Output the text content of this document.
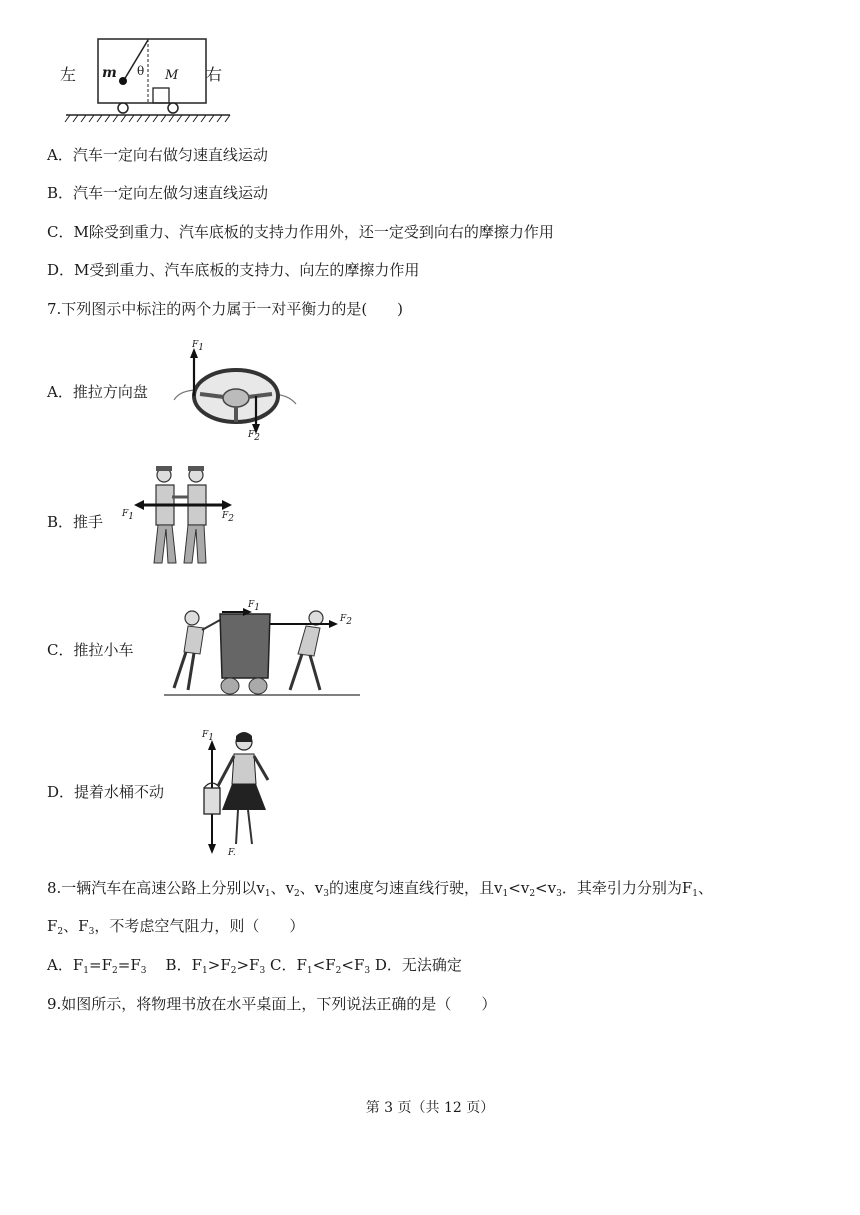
左	右
m θ M
A．汽车一定向右做匀速直线运动
B．汽车一定向左做匀速直线运动
C．M除受到重力、汽车底板的支持力作用外，还一定受到向右的摩擦力作用
D．M受到重力、汽车底板的支持力、向左的摩擦力作用
7.下列图示中标注的两个力属于一对平衡力的是(　　)
A．推拉方向盘
$F_1$
$F_2$
B．推手 $F_1$	$F_2$
C．推拉小车
$F_1$
$F_2$
D．提着水桶不动
$F_1$
F.
8.一辆汽车在高速公路上分别以$v_1$、$v_2$、$v_3$的速度匀速直线行驶，且$v_1<v_2<v_3$．其牵引力分别为$F_1$、
$F_2$、$F_3$，不考虑空气阻力，则（　　）
A．$F_1=F_2=F_3$ B．$F_1>F_2>F_3$ C．$F_1<F_2<F_3$ D．无法确定
9.如图所示，将物理书放在水平桌面上，下列说法正确的是（　　）
第 3 页（共 12 页）
